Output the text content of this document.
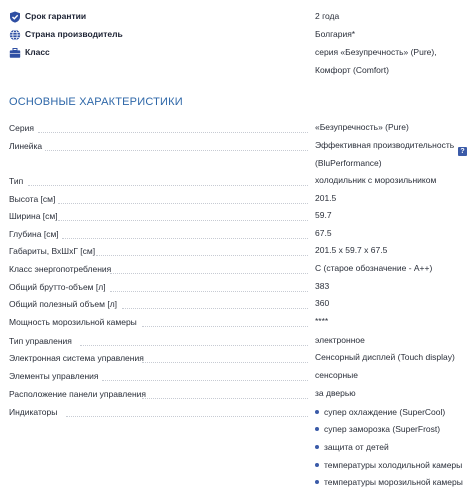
Срок гарантии	2 года
Страна производитель	Болгария*
Класс	серия «Безупречность» (Pure), Комфорт (Comfort)
ОСНОВНЫЕ ХАРАКТЕРИСТИКИ
Серия	«Безупречность» (Pure)
Линейка	Эффективная производительность (BluPerformance)
?
Тип	холодильник с морозильником
Высота [см]	201.5
Ширина [см]	59.7
Глубина [см]	67.5
Габариты, ВхШхГ [см]	201.5 x 59.7 x 67.5
Класс энергопотребления	C (старое обозначение - A++)
Общий брутто-объем [л]	383
Общий полезный объем [л]	360
Мощность морозильной камеры	****
Тип управления	электронное
Электронная система управления	Сенсорный дисплей (Touch display)
Элементы управления	сенсорные
Расположение панели управления	за дверью
Индикаторы	супер охлаждение (SuperCool)
супер заморозка (SuperFrost)
защита от детей
температуры холодильной камеры
температуры морозильной камеры
